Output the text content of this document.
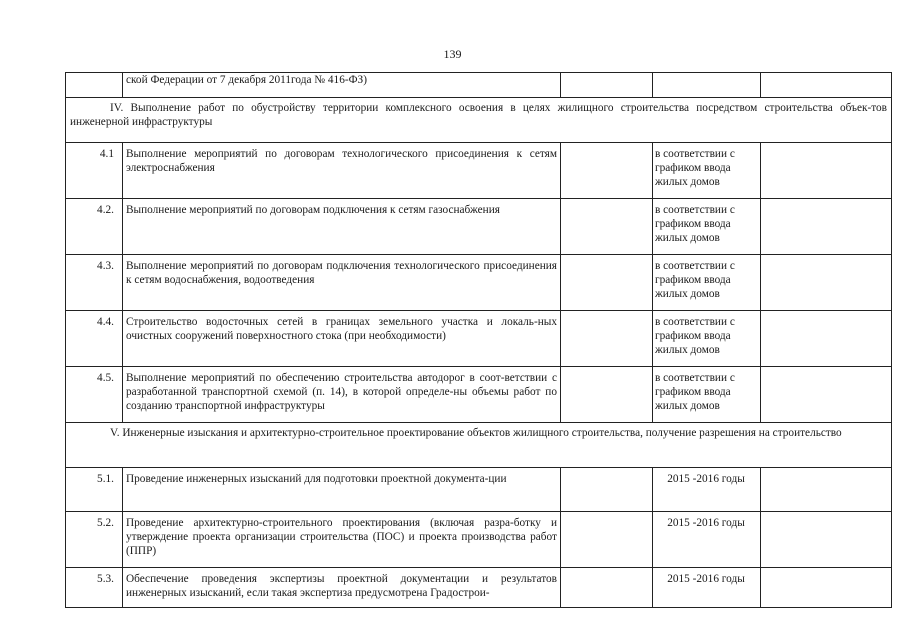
139
	ской Федерации от 7 декабря 2011года № 416-ФЗ)			
IV. Выполнение работ по обустройству территории комплексного освоения в целях жилищного строительства посредством строительства объек-тов инженерной инфраструктуры				
4.1	Выполнение мероприятий по договорам технологического присоединения к сетям электроснабжения		в соответствии с графиком ввода жилых домов	
4.2.	Выполнение мероприятий по договорам подключения к сетям газоснабжения		в соответствии с графиком ввода жилых домов	
4.3.	Выполнение мероприятий по договорам подключения технологического присоединения к сетям водоснабжения, водоотведения		в соответствии с графиком ввода жилых домов	
4.4.	Строительство водосточных сетей в границах земельного участка и локаль-ных очистных сооружений поверхностного стока (при необходимости)		в соответствии с графиком ввода жилых домов	
4.5.	Выполнение мероприятий по обеспечению строительства автодорог в соот-ветствии с разработанной транспортной схемой (п. 14), в которой определе-ны объемы работ по созданию транспортной инфраструктуры		в соответствии с графиком ввода жилых домов	
V. Инженерные изыскания и архитектурно-строительное проектирование объектов жилищного строительства, получение разрешения на строительство				
5.1.	Проведение инженерных изысканий для подготовки проектной документа-ции		2015 -2016 годы	
5.2.	Проведение архитектурно-строительного проектирования (включая разра-ботку и утверждение проекта организации строительства (ПОС) и проекта производства работ (ППР)		2015 -2016 годы	
5.3.	Обеспечение проведения экспертизы проектной документации и результатов инженерных изысканий, если такая экспертиза предусмотрена Градострои-		2015 -2016 годы	
